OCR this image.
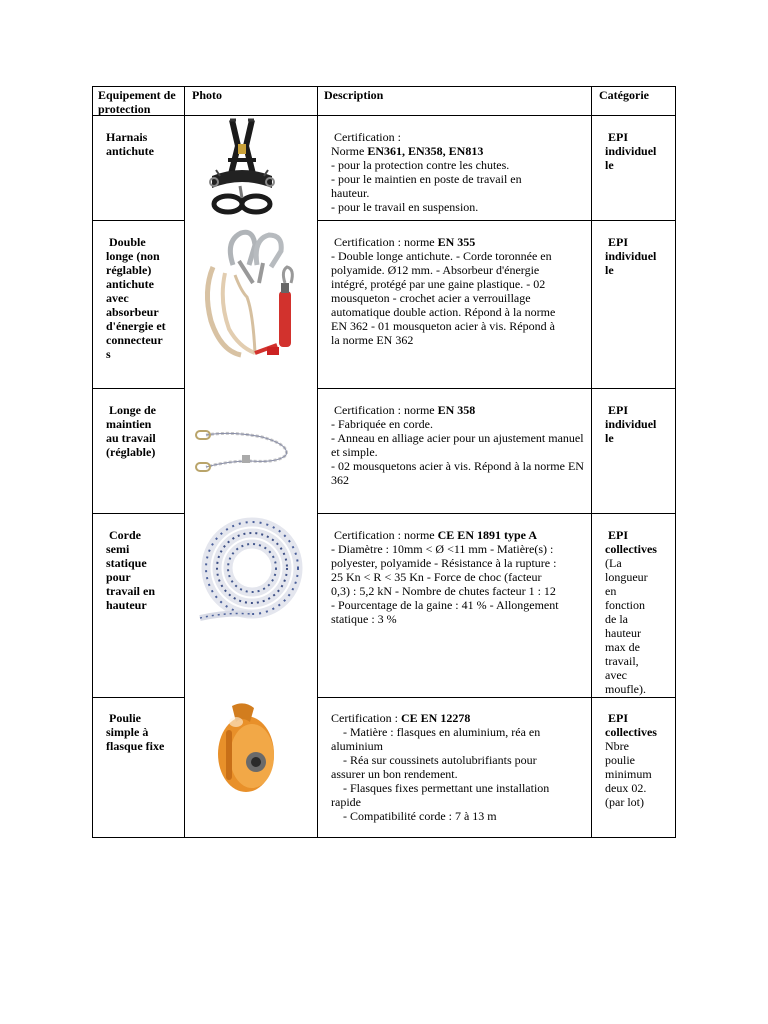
Equipement de protection
Photo	Description	Catégorie
Harnais
antichute
Certification :
Norme EN361, EN358, EN813
- pour la protection contre les chutes.
- pour le maintien en poste de travail en
hauteur.
- pour le travail en suspension.
EPI
individuel
le
Double
longe (non
réglable)
antichute
avec
absorbeur
d'énergie et
connecteur
s
Certification : norme EN 355
- Double longe antichute. - Corde toronnée en
polyamide. Ø12 mm. - Absorbeur d'énergie
intégré, protégé par une gaine plastique. - 02
mousqueton - crochet acier a verrouillage
automatique double action. Répond à la norme
EN 362 - 01 mousqueton acier à vis. Répond à
la norme EN 362
EPI
individuel
le
Longe de
maintien
au travail
(réglable)
Certification : norme EN 358
- Fabriquée en corde.
- Anneau en alliage acier pour un ajustement manuel
et simple.
- 02 mousquetons acier à vis. Répond à la norme EN
362
EPI
individuel
le
Corde
semi
statique
pour
travail en
hauteur
Certification : norme CE EN 1891 type A
- Diamètre : 10mm < Ø <11 mm - Matière(s) :
polyester, polyamide - Résistance à la rupture :
25 Kn < R < 35 Kn - Force de choc (facteur
0,3) : 5,2 kN - Nombre de chutes facteur 1 : 12
- Pourcentage de la gaine : 41 % - Allongement
statique : 3 %
EPI
collectives
(La
longueur
en
fonction
de la
hauteur
max de
travail,
avec
moufle).
Poulie
simple à
flasque fixe
Certification : CE EN 12278
- Matière : flasques en aluminium, réa en
aluminium
- Réa sur coussinets autolubrifiants pour
assurer un bon rendement.
- Flasques fixes permettant une installation
rapide
- Compatibilité corde : 7 à 13 m
EPI
collectives
Nbre
poulie
minimum
deux 02.
(par lot)
